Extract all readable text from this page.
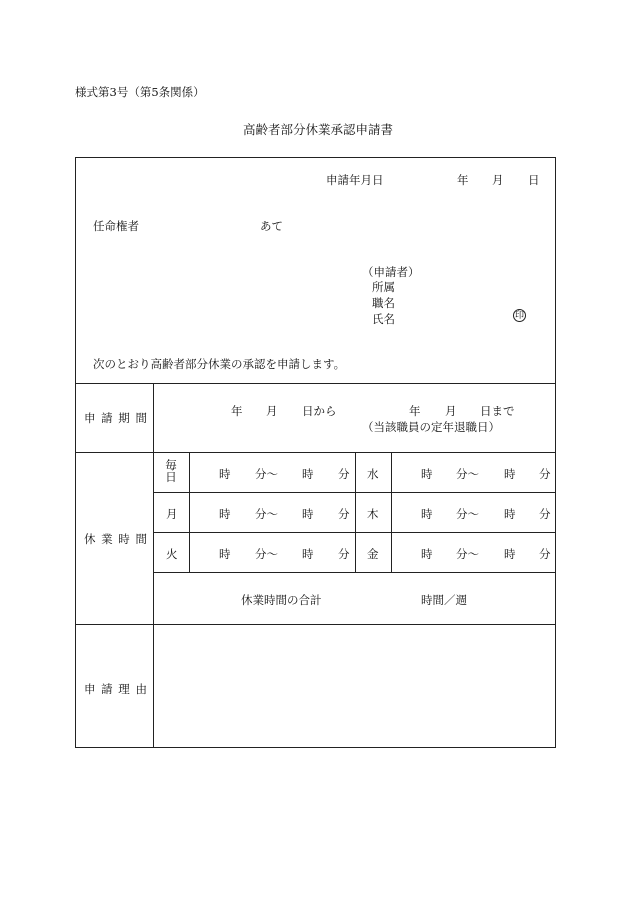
様式第3号（第5条関係）
高齢者部分休業承認申請書
申請年月日	年 月 日
任命権者	あて
（申請者）
所属
職名
氏名	印
次のとおり高齢者部分休業の承認を申請します。
申 請 期 間	年 月 日から	年 月 日まで
（当該職員の定年退職日）
休 業 時 間
毎日	時 分〜 時 分 水	時 分〜 時 分
月	時 分〜 時 分 木	時 分〜 時 分
火	時 分〜 時 分 金	時 分〜 時 分
休業時間の合計	時間／週
申 請 理 由
